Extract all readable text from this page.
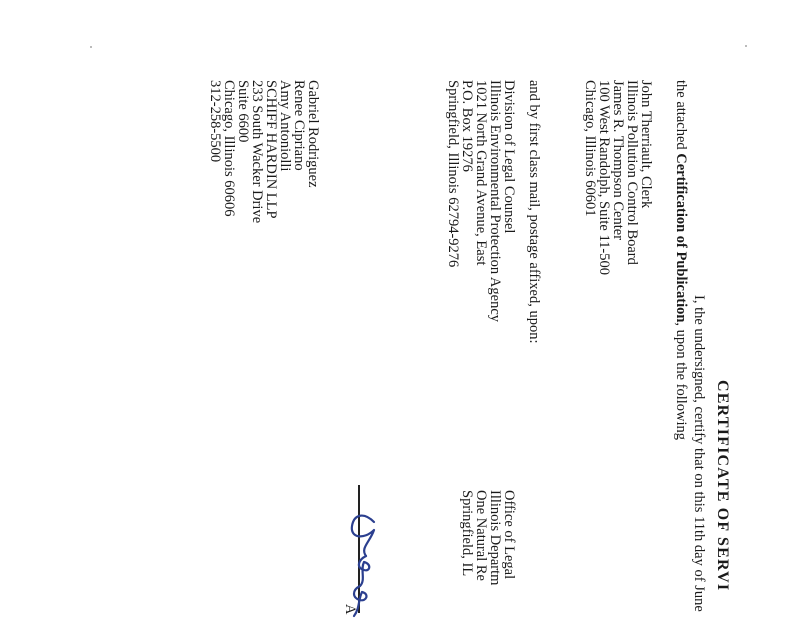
CERTIFICATE OF SERVI
I, the undersigned, certify that on this 11th day of June
the attached Certification of Publication, upon the following
John Therriault, Clerk
Illinois Pollution Control Board
James R. Thompson Center
100 West Randolph, Suite 11-500
Chicago, Illinois 60601
Office of Legal
Illinois Departm
One Natural Re
Springfield, IL
and by first class mail, postage affixed, upon:
Division of Legal Counsel
Illinois Environmental Protection Agency
1021 North Grand Avenue, East
P.O. Box 19276
Springfield, Illinois 62794-9276
Gabriel Rodriguez
Renee Cipriano
Amy Antoniolli
SCHIFF HARDIN LLP
233 South Wacker Drive
Suite 6600
Chicago, Illinois 60606
312-258-5500
A
